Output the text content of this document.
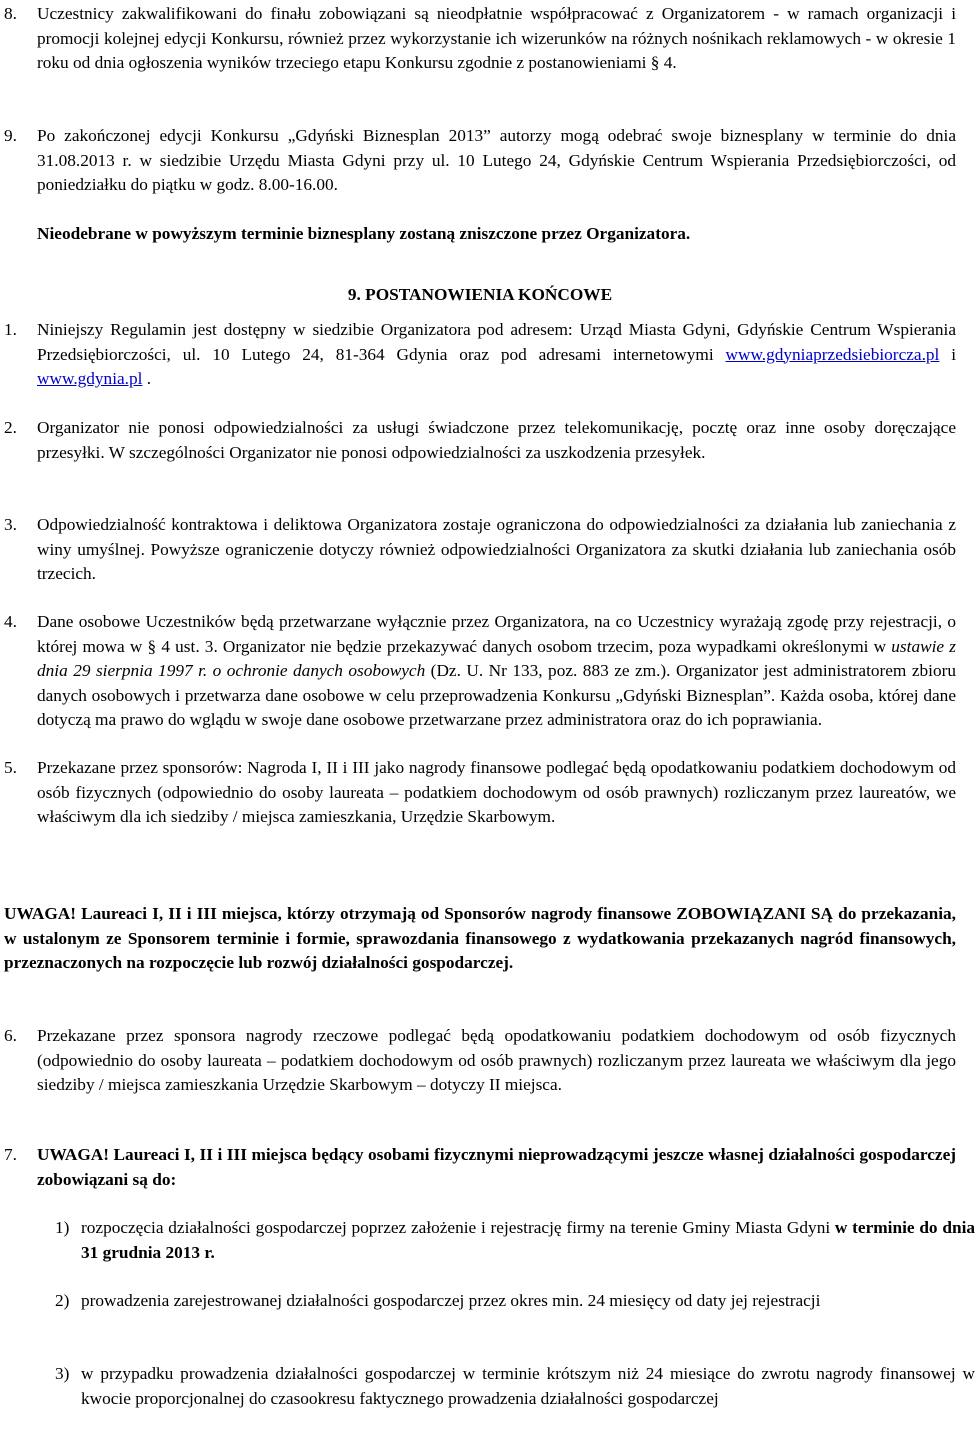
8. Uczestnicy zakwalifikowani do finału zobowiązani są nieodpłatnie współpracować z Organizatorem - w ramach organizacji i promocji kolejnej edycji Konkursu, również przez wykorzystanie ich wizerunków na różnych nośnikach reklamowych - w okresie 1 roku od dnia ogłoszenia wyników trzeciego etapu Konkursu zgodnie z postanowieniami § 4.
9. Po zakończonej edycji Konkursu „Gdyński Biznesplan 2013” autorzy mogą odebrać swoje biznesplany w terminie do dnia 31.08.2013 r. w siedzibie Urzędu Miasta Gdyni przy ul. 10 Lutego 24, Gdyńskie Centrum Wspierania Przedsiębiorczości, od poniedziałku do piątku w godz. 8.00-16.00.
Nieodebrane w powyższym terminie biznesplany zostaną zniszczone przez Organizatora.
9. POSTANOWIENIA KOŃCOWE
1. Niniejszy Regulamin jest dostępny w siedzibie Organizatora pod adresem: Urząd Miasta Gdyni, Gdyńskie Centrum Wspierania Przedsiębiorczości, ul. 10 Lutego 24, 81-364 Gdynia oraz pod adresami internetowymi www.gdyniaprzedsiebiorcza.pl i www.gdynia.pl .
2. Organizator nie ponosi odpowiedzialności za usługi świadczone przez telekomunikację, pocztę oraz inne osoby doręczające przesyłki. W szczególności Organizator nie ponosi odpowiedzialności za uszkodzenia przesyłek.
3. Odpowiedzialność kontraktowa i deliktowa Organizatora zostaje ograniczona do odpowiedzialności za działania lub zaniechania z winy umyślnej. Powyższe ograniczenie dotyczy również odpowiedzialności Organizatora za skutki działania lub zaniechania osób trzecich.
4. Dane osobowe Uczestników będą przetwarzane wyłącznie przez Organizatora, na co Uczestnicy wyrażają zgodę przy rejestracji, o której mowa w § 4 ust. 3. Organizator nie będzie przekazywać danych osobom trzecim, poza wypadkami określonymi w ustawie z dnia 29 sierpnia 1997 r. o ochronie danych osobowych (Dz. U. Nr 133, poz. 883 ze zm.). Organizator jest administratorem zbioru danych osobowych i przetwarza dane osobowe w celu przeprowadzenia Konkursu „Gdyński Biznesplan”. Każda osoba, której dane dotyczą ma prawo do wglądu w swoje dane osobowe przetwarzane przez administratora oraz do ich poprawiania.
5. Przekazane przez sponsorów: Nagroda I, II i III jako nagrody finansowe podlegać będą opodatkowaniu podatkiem dochodowym od osób fizycznych (odpowiednio do osoby laureata – podatkiem dochodowym od osób prawnych) rozliczanym przez laureatów, we właściwym dla ich siedziby / miejsca zamieszkania, Urzędzie Skarbowym.
UWAGA! Laureaci I, II i III miejsca, którzy otrzymają od Sponsorów nagrody finansowe ZOBOWIĄZANI SĄ do przekazania, w ustalonym ze Sponsorem terminie i formie, sprawozdania finansowego z wydatkowania przekazanych nagród finansowych, przeznaczonych na rozpoczęcie lub rozwój działalności gospodarczej.
6. Przekazane przez sponsora nagrody rzeczowe podlegać będą opodatkowaniu podatkiem dochodowym od osób fizycznych (odpowiednio do osoby laureata – podatkiem dochodowym od osób prawnych) rozliczanym przez laureata we właściwym dla jego siedziby / miejsca zamieszkania Urzędzie Skarbowym – dotyczy II miejsca.
7. UWAGA! Laureaci I, II i III miejsca będący osobami fizycznymi nieprowadzącymi jeszcze własnej działalności gospodarczej zobowiązani są do:
1) rozpoczęcia działalności gospodarczej poprzez założenie i rejestrację firmy na terenie Gminy Miasta Gdyni w terminie do dnia 31 grudnia 2013 r.
2) prowadzenia zarejestrowanej działalności gospodarczej przez okres min. 24 miesięcy od daty jej rejestracji
3) w przypadku prowadzenia działalności gospodarczej w terminie krótszym niż 24 miesiące do zwrotu nagrody finansowej w kwocie proporcjonalnej do czasookresu faktycznego prowadzenia działalności gospodarczej
